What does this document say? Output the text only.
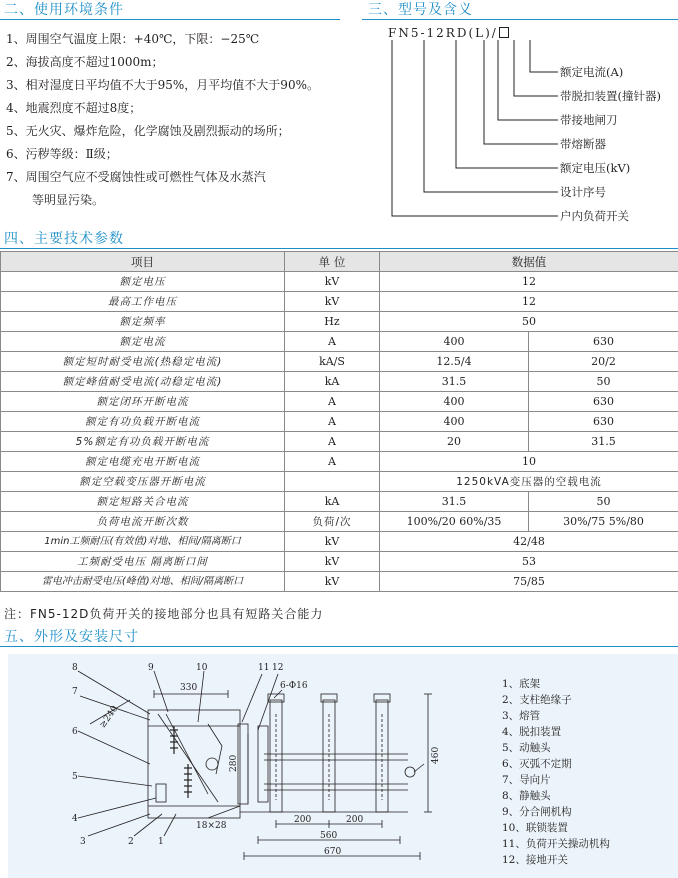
二、使用环境条件
1、周围空气温度上限：+40℃，下限：−25℃
2、海拔高度不超过1000m；
3、相对湿度日平均值不大于95%，月平均值不大于90%。
4、地震烈度不超过8度；
5、无火灾、爆炸危险，化学腐蚀及剧烈振动的场所；
6、污秽等级：Ⅱ级；
7、周围空气应不受腐蚀性或可燃性气体及水蒸汽
等明显污染。
三、型号及含义
FN5-12RD(L)/
额定电流(A)
带脱扣装置(撞针器)
带接地闸刀
带熔断器
额定电压(kV)
设计序号
户内负荷开关
四、主要技术参数
项目	单 位	数据值	
额定电压	kV	12	
最高工作电压	kV	12	
额定频率	Hz	50	
额定电流	A	400	630
额定短时耐受电流(热稳定电流)	kA/S	12.5/4	20/2
额定峰值耐受电流(动稳定电流)	kA	31.5	50
额定闭环开断电流	A	400	630
额定有功负载开断电流	A	400	630
5%额定有功负载开断电流	A	20	31.5
额定电缆充电开断电流	A	10	
额定空载变压器开断电流		1250kVA变压器的空载电流	
额定短路关合电流	kA	31.5	50
负荷电流开断次数	负荷/次	100%/20 60%/35	30%/75 5%/80
1min工频耐压(有效值)对地、相间/隔离断口	kV	42/48	
工频耐受电压 隔离断口间	kV	53	
雷电冲击耐受电压(峰值)对地、相间/隔离断口	kV	75/85	
注：FN5-12D负荷开关的接地部分也具有短路关合能力
五、外形及安装尺寸
8	9	10	11 12
7
6
5
4
3	2	1
330
≥240
6-Φ16
280
18×28
200	200
560
670
460
1、底架
2、支柱绝缘子
3、熔管
4、脱扣装置
5、动触头
6、灭弧不定期
7、导向片
8、静触头
9、分合闸机构
10、联锁装置
11、负荷开关操动机构
12、接地开关
